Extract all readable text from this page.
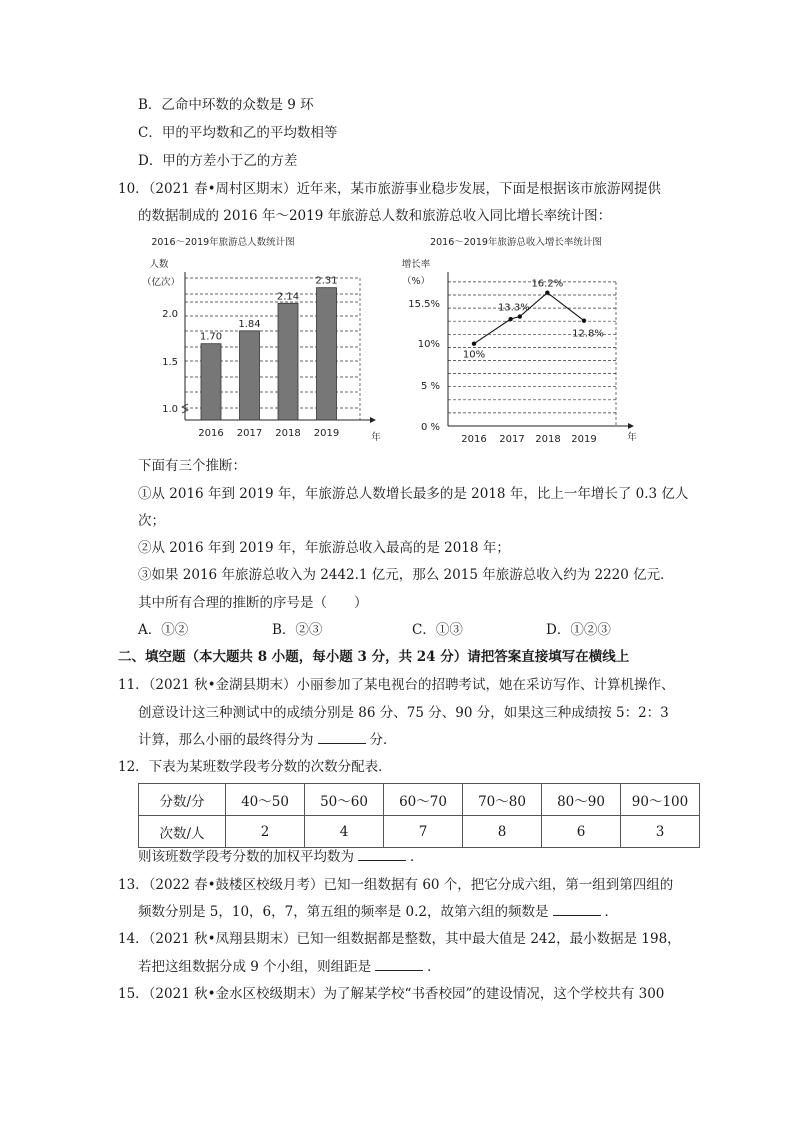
B．乙命中环数的众数是 9 环
C．甲的平均数和乙的平均数相等
D．甲的方差小于乙的方差
10．（2021 春•周村区期末）近年来，某市旅游事业稳步发展，下面是根据该市旅游网提供
的数据制成的 2016 年～2019 年旅游总人数和旅游总收入同比增长率统计图：
2016～2019年旅游总人数统计图
人数
（亿次）
年
1.0
1.5
2.0
1.70
2016
1.84
2017
2.14
2018
2.31
2019
2016～2019年旅游总收入增长率统计图
增长率
（%）
年
0 %
5 %
10%
15.5%
10%
13.3%
16.2%
12.8%
2016 2017 2018 2019
下面有三个推断：
①从 2016 年到 2019 年，年旅游总人数增长最多的是 2018 年，比上一年增长了 0.3 亿人
次；
②从 2016 年到 2019 年，年旅游总收入最高的是 2018 年；
③如果 2016 年旅游总收入为 2442.1 亿元，那么 2015 年旅游总收入约为 2220 亿元．
其中所有合理的推断的序号是（　　）
A．①②	B．②③	C．①③	D．①②③
二、填空题（本大题共 8 小题，每小题 3 分，共 24 分）请把答案直接填写在横线上
11．（2021 秋•金湖县期末）小丽参加了某电视台的招聘考试，她在采访写作、计算机操作、
创意设计这三种测试中的成绩分别是 86 分、75 分、90 分，如果这三种成绩按 5：2：3
计算，那么小丽的最终得分为	分．
12．下表为某班数学段考分数的次数分配表．
分数/分	40～50	50～60	60～70	70～80	80～90	90～100
次数/人	2	4	7	8	6	3
则该班数学段考分数的加权平均数为	．
13．（2022 春•鼓楼区校级月考）已知一组数据有 60 个，把它分成六组，第一组到第四组的
频数分别是 5，10，6，7，第五组的频率是 0.2，故第六组的频数是	．
14．（2021 秋•凤翔县期末）已知一组数据都是整数，其中最大值是 242，最小数据是 198，
若把这组数据分成 9 个小组，则组距是	．
15．（2021 秋•金水区校级期末）为了解某学校“书香校园”的建设情况，这个学校共有 300
